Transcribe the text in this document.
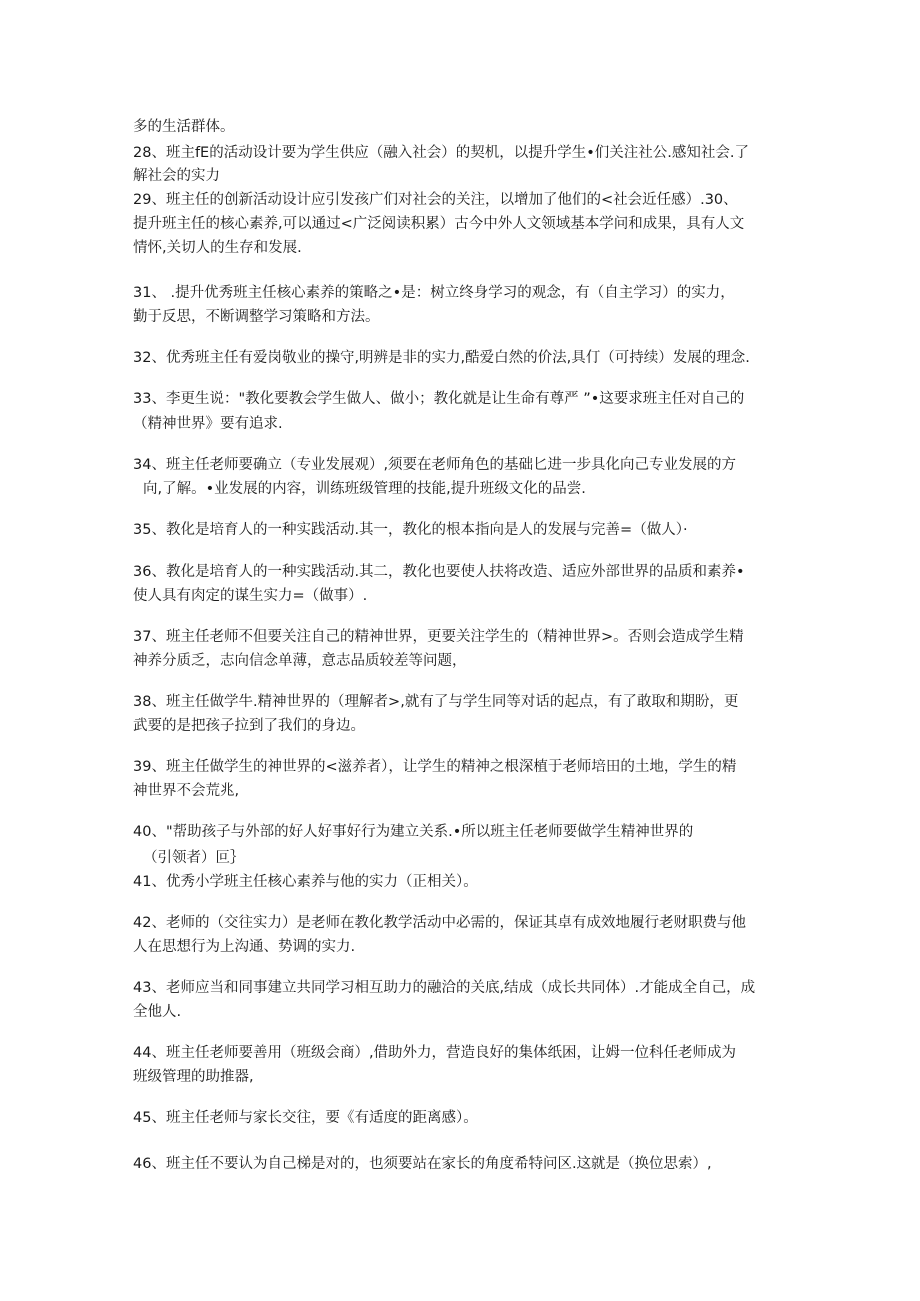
多的生活群体。
28、班主fE的活动设计要为学生供应（融入社会）的契机，以提升学生•们关注社公.感知社会.了
解社会的实力
29、班主任的创新活动设计应引发孩广们对社会的关注，以增加了他们的<社会近任感）.30、
提升班主任的核心素养,可以通过<广泛阅读积累）古今中外人文领域基本学问和成果，具有人文
情怀,关切人的生存和发展.
31、 .提升优秀班主任核心素养的策略之•是：树立终身学习的观念，有（自主学习）的实力，
勤于反思，不断调整学习策略和方法。
32、优秀班主任有爱岗敬业的操守,明辨是非的实力,酷爱白然的价法,具仃（可持续）发展的理念.
33、李更生说："教化要教会学生做人、做小；教化就是让生命有尊严 ”•这要求班主任对自己的
（精神世界》要有追求.
34、班主任老师要确立（专业发展观）,须要在老师角色的基础匕进一步具化向己专业发展的方
向,了解。•业发展的内容，训练班级管理的技能,提升班级文化的品尝.
35、教化是培育人的一种实践活动.其一，教化的根本指向是人的发展与完善=（做人）·
36、教化是培育人的一种实践活动.其二，教化也要使人扶将改造、适应外部世界的品质和素养•
使人具有肉定的谋生实力=（做事）.
37、班主任老师不但要关注自己的精神世界，更要关注学生的（精神世界>。否则会造成学生精
神养分质乏，志向信念单薄，意志品质较差等问题，
38、班主任做学牛.精神世界的（理解者>,就有了与学生同等对话的起点，有了敢取和期盼，更
武要的是把孩子拉到了我们的身边。
39、班主任做学生的神世界的<滋养者），让学生的精神之根深植于老师培田的土地，学生的精
神世界不会荒兆,
40、"帮助孩子与外部的好人好事好行为建立关系.•所以班主任老师要做学生精神世界的
（引领者）叵｝
41、优秀小学班主任核心素养与他的实力（正相关）。
42、老师的（交往实力）是老师在教化教学活动中必需的，保证其卓有成效地履行老财职费与他
人在思想行为上沟通、势调的实力.
43、老师应当和同事建立共同学习相互助力的融洽的关底,结成（成长共同体）.才能成全自己，成
全他人.
44、班主任老师要善用（班级会商）,借助外力，营造良好的集体纸困，让姆一位科任老师成为
班级管理的助推器,
45、班主任老师与家长交往，要《有适度的距离感）。
46、班主任不要认为自己梯是对的，也须要站在家长的角度希特问区.这就是（换位思索）,
